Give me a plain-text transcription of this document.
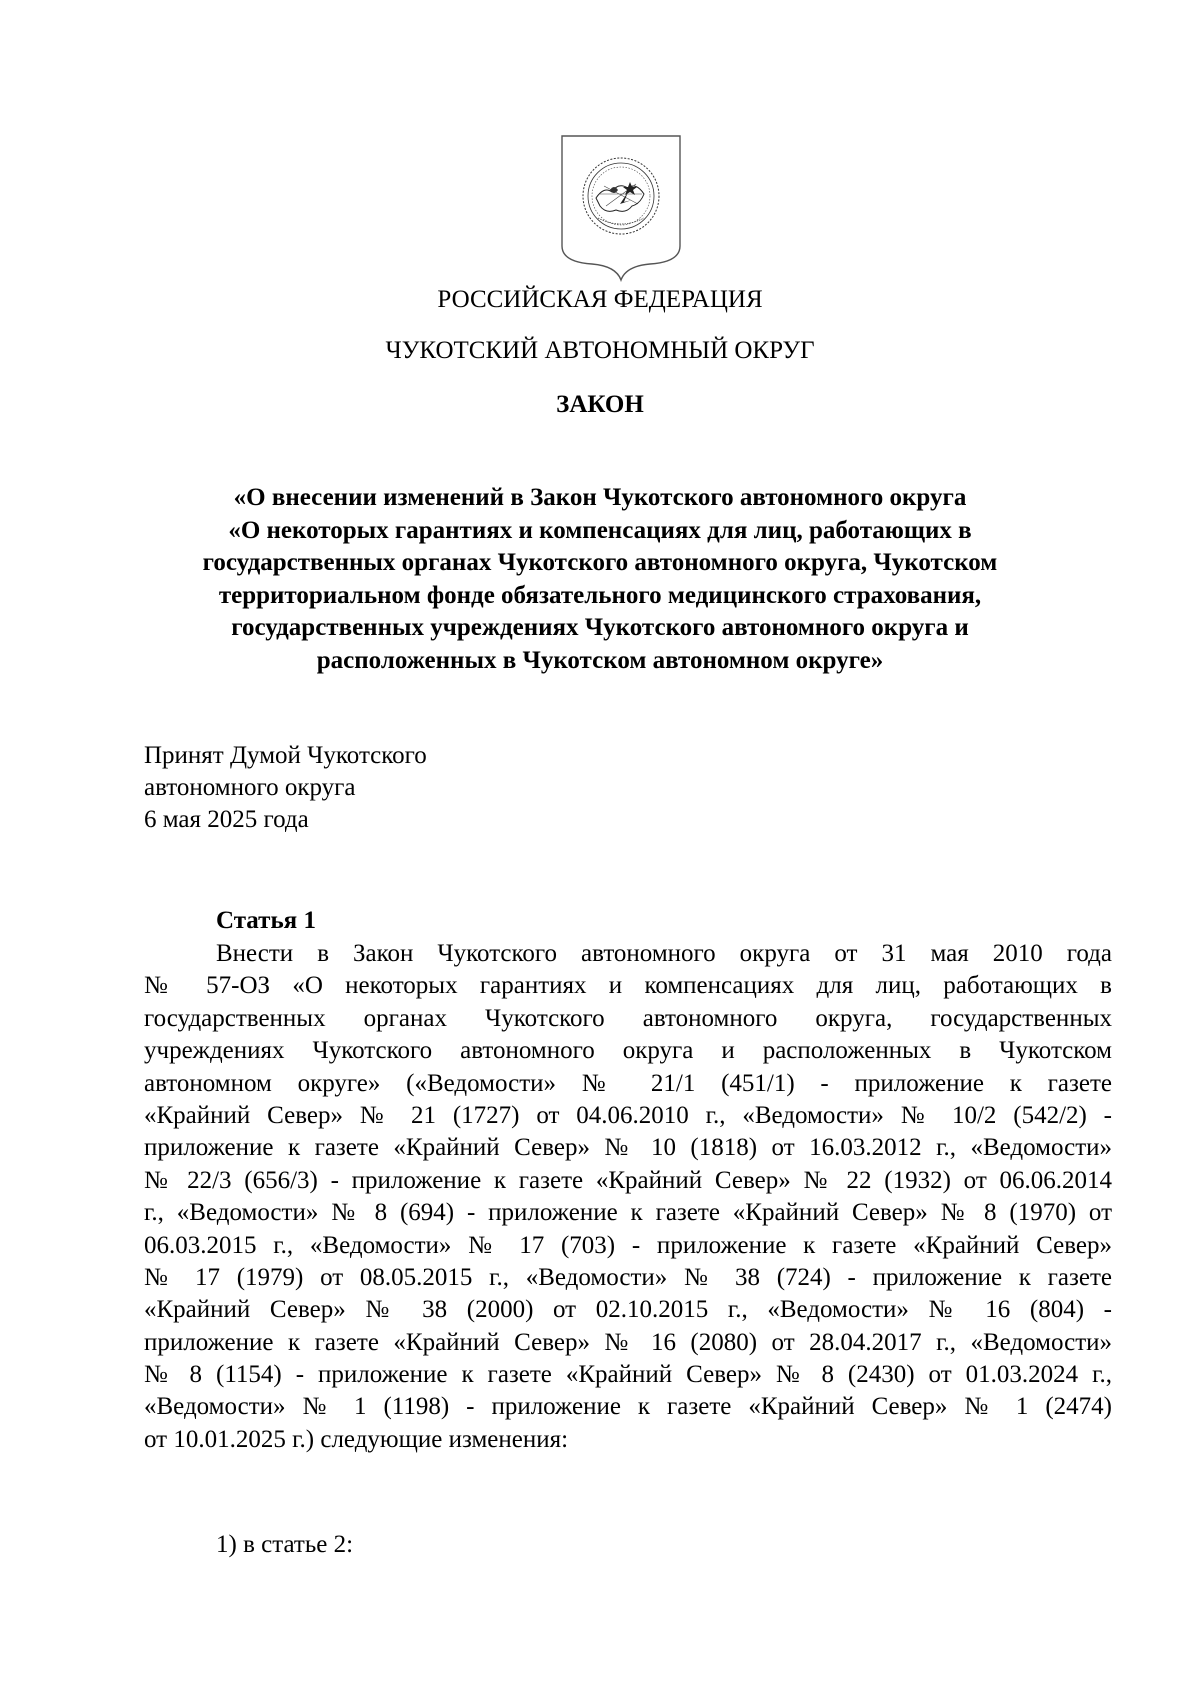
РОССИЙСКАЯ ФЕДЕРАЦИЯ
ЧУКОТСКИЙ АВТОНОМНЫЙ ОКРУГ
ЗАКОН
«О внесении изменений в Закон Чукотского автономного округа
«О некоторых гарантиях и компенсациях для лиц, работающих в
государственных органах Чукотского автономного округа, Чукотском
территориальном фонде обязательного медицинского страхования,
государственных учреждениях Чукотского автономного округа и
расположенных в Чукотском автономном округе»
Принят Думой Чукотского
автономного округа
6 мая 2025 года
Статья 1
Внести в Закон Чукотского автономного округа от 31 мая 2010 года
№ 57-ОЗ «О некоторых гарантиях и компенсациях для лиц, работающих в
государственных органах Чукотского автономного округа, государственных
учреждениях Чукотского автономного округа и расположенных в Чукотском
автономном округе» («Ведомости» № 21/1 (451/1) - приложение к газете
«Крайний Север» № 21 (1727) от 04.06.2010 г., «Ведомости» № 10/2 (542/2) -
приложение к газете «Крайний Север» № 10 (1818) от 16.03.2012 г., «Ведомости»
№ 22/3 (656/3) - приложение к газете «Крайний Север» № 22 (1932) от 06.06.2014
г., «Ведомости» № 8 (694) - приложение к газете «Крайний Север» № 8 (1970) от
06.03.2015 г., «Ведомости» № 17 (703) - приложение к газете «Крайний Север»
№ 17 (1979) от 08.05.2015 г., «Ведомости» № 38 (724) - приложение к газете
«Крайний Север» № 38 (2000) от 02.10.2015 г., «Ведомости» № 16 (804) -
приложение к газете «Крайний Север» № 16 (2080) от 28.04.2017 г., «Ведомости»
№ 8 (1154) - приложение к газете «Крайний Север» № 8 (2430) от 01.03.2024 г.,
«Ведомости» № 1 (1198) - приложение к газете «Крайний Север» № 1 (2474)
от 10.01.2025 г.) следующие изменения:
1) в статье 2:
